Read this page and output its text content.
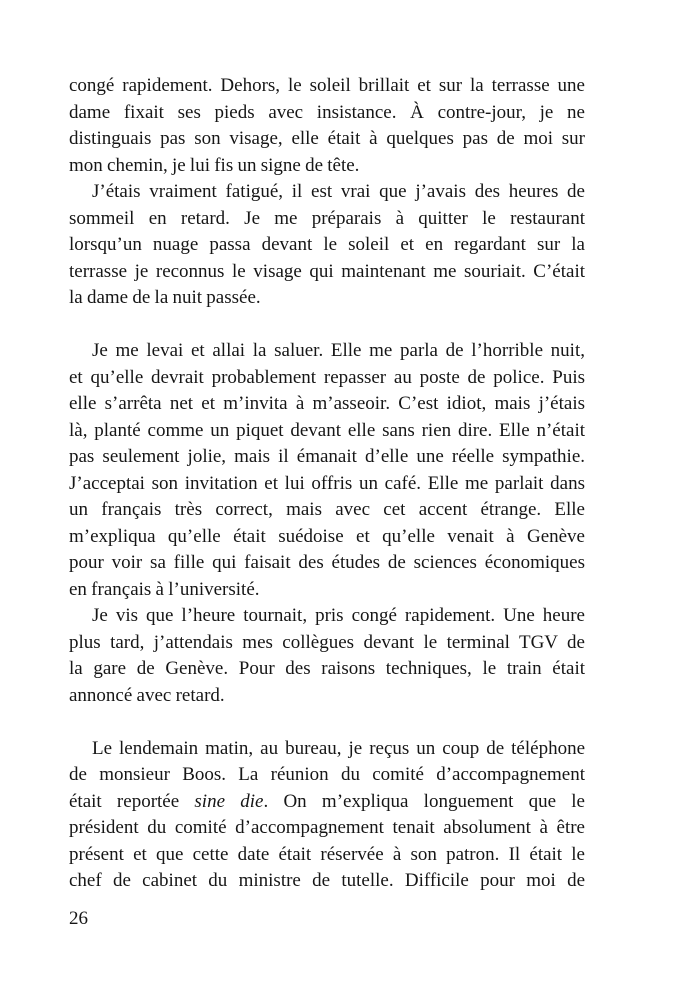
congé rapidement. Dehors, le soleil brillait et sur la terrasse une
dame fixait ses pieds avec insistance. À contre-jour, je ne
distinguais pas son visage, elle était à quelques pas de moi sur
mon chemin, je lui fis un signe de tête.
J’étais vraiment fatigué, il est vrai que j’avais des heures de
sommeil en retard. Je me préparais à quitter le restaurant
lorsqu’un nuage passa devant le soleil et en regardant sur la
terrasse je reconnus le visage qui maintenant me souriait. C’était
la dame de la nuit passée.
Je me levai et allai la saluer. Elle me parla de l’horrible nuit,
et qu’elle devrait probablement repasser au poste de police. Puis
elle s’arrêta net et m’invita à m’asseoir. C’est idiot, mais j’étais
là, planté comme un piquet devant elle sans rien dire. Elle n’était
pas seulement jolie, mais il émanait d’elle une réelle sympathie.
J’acceptai son invitation et lui offris un café. Elle me parlait dans
un français très correct, mais avec cet accent étrange. Elle
m’expliqua qu’elle était suédoise et qu’elle venait à Genève
pour voir sa fille qui faisait des études de sciences économiques
en français à l’université.
Je vis que l’heure tournait, pris congé rapidement. Une heure
plus tard, j’attendais mes collègues devant le terminal TGV de
la gare de Genève. Pour des raisons techniques, le train était
annoncé avec retard.
Le lendemain matin, au bureau, je reçus un coup de téléphone
de monsieur Boos. La réunion du comité d’accompagnement
était reportée sine die. On m’expliqua longuement que le
président du comité d’accompagnement tenait absolument à être
présent et que cette date était réservée à son patron. Il était le
chef de cabinet du ministre de tutelle. Difficile pour moi de
26
